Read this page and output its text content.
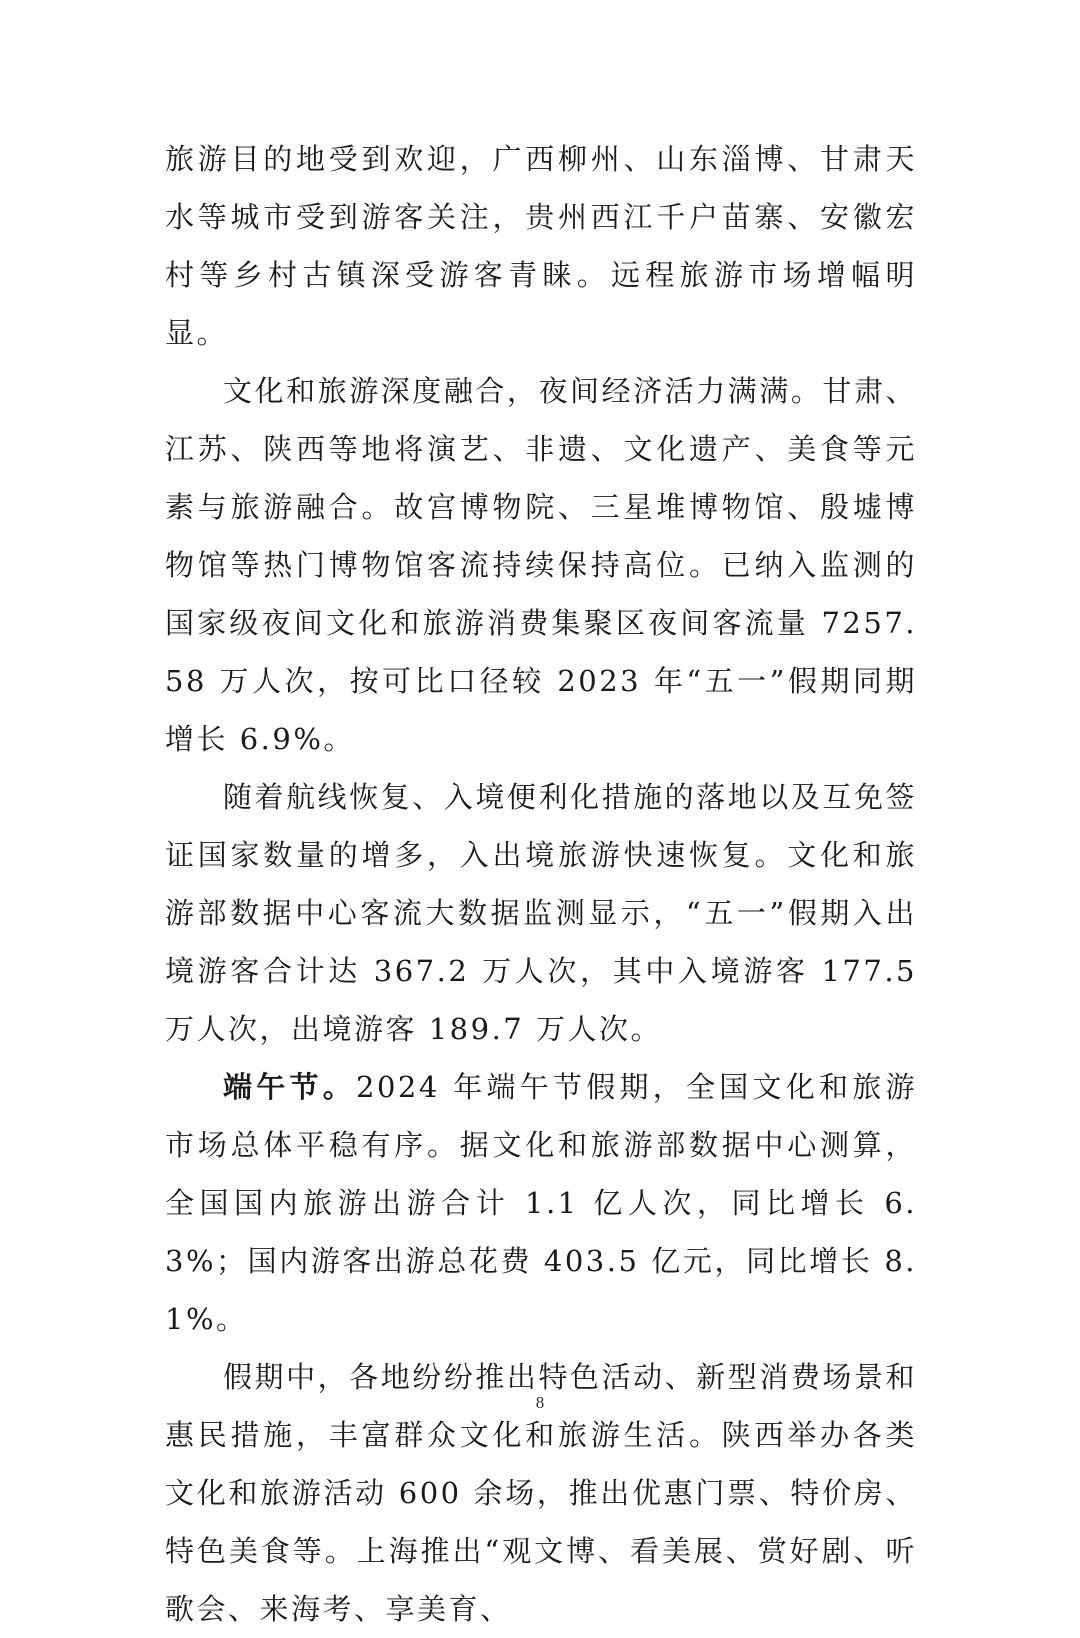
旅游目的地受到欢迎，广西柳州、山东淄博、甘肃天水等城市受到游客关注，贵州西江千户苗寨、安徽宏村等乡村古镇深受游客青睐。远程旅游市场增幅明显。

文化和旅游深度融合，夜间经济活力满满。甘肃、江苏、陕西等地将演艺、非遗、文化遗产、美食等元素与旅游融合。故宫博物院、三星堆博物馆、殷墟博物馆等热门博物馆客流持续保持高位。已纳入监测的国家级夜间文化和旅游消费集聚区夜间客流量 7257.58 万人次，按可比口径较 2023 年“五一”假期同期增长 6.9%。

随着航线恢复、入境便利化措施的落地以及互免签证国家数量的增多，入出境旅游快速恢复。文化和旅游部数据中心客流大数据监测显示，“五一”假期入出境游客合计达 367.2 万人次，其中入境游客 177.5 万人次，出境游客 189.7 万人次。

端午节。2024 年端午节假期，全国文化和旅游市场总体平稳有序。据文化和旅游部数据中心测算，全国国内旅游出游合计 1.1 亿人次，同比增长 6.3%；国内游客出游总花费 403.5 亿元，同比增长 8.1%。

假期中，各地纷纷推出特色活动、新型消费场景和惠民措施，丰富群众文化和旅游生活。陕西举办各类文化和旅游活动 600 余场，推出优惠门票、特价房、特色美食等。上海推出“观文博、看美展、赏好剧、听歌会、来海考、享美育、

8
